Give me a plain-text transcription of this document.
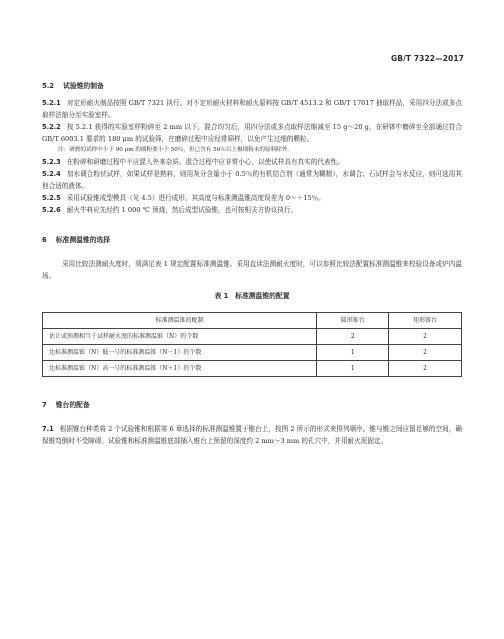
GB/T 7322—2017
5.2 试验锥的制备

5.2.1 对定形耐火制品按照 GB/T 7321 执行。对不定形耐火材料和耐火原料按 GB/T 4513.2 和 GB/T 17617 抽取样品，采用四分法或多点取样法缩分至实验室样。

5.2.2 按 5.2.1 获得的实验室样粉碎至 2 mm 以下，混合均匀后，用四分法或多点取样法缩减至 15 g～20 g，在研钵中磨碎至全部通过符合 GB/T 6003.1 要求的 180 μm 的试验筛，在磨碎过程中应经常筛样，以免产生过细的颗粒。

注：研磨的试样中小于 90 μm 的细粉要小于 50％，但已含有 50％以上极细粉末的原料除外。

5.2.3 在粉碎和研磨过程中不应混入外来杂质。混合过程中应非常小心，以使试样具有真实的代表性。

5.2.4 加水调合粉状试样，如果试样是熟料，则用灰分含量小于 0.5％的有机结合剂（通常为糊精），水调合；石试样会与水反应，则可选用其他合适的液体。

5.2.5 采用试验锥成型模具（见 4.5）进行成形，其高度与标准测温锥高度误差为 0～＋15％。

5.2.6 耐火牛料应先经约 1 000 ℃ 预烧，然后成型试验锥，也可按相关方协议执行。

6 标准测温锥的选择

采用比较法测耐火度时，须满足表 1 规定配置标准测温锥。采用直读法测耐火度时，可以参照比较法配置标准测温锥来校验设备或炉内温场。

表 1　标准测温锥的配置
标准测温锥的配制	圆形锥台	矩形锥台
估计或预测相当于试样耐火度的标准测温锥（N）的个数	2	2
比标准测温锥（N）低一号的标准测温锥（N－1）的个数	1	2
比标准测温锥（N）高一号的标准测温锥（N＋1）的个数	1	2
7 锥台的配备

7.1 根据锥台种类将 2 个试验锥和根据第 6 章选择的标准测温锥置于锥台上，按图 2 所示的形式来排列顺序。锥与锥之间应留足够的空间，确保锥弯倒时不受障碍。试验锥和标准测温锥底部插入锥台上预留的深度约 2 mm～3 mm 的孔穴中，并用耐火泥固定。
